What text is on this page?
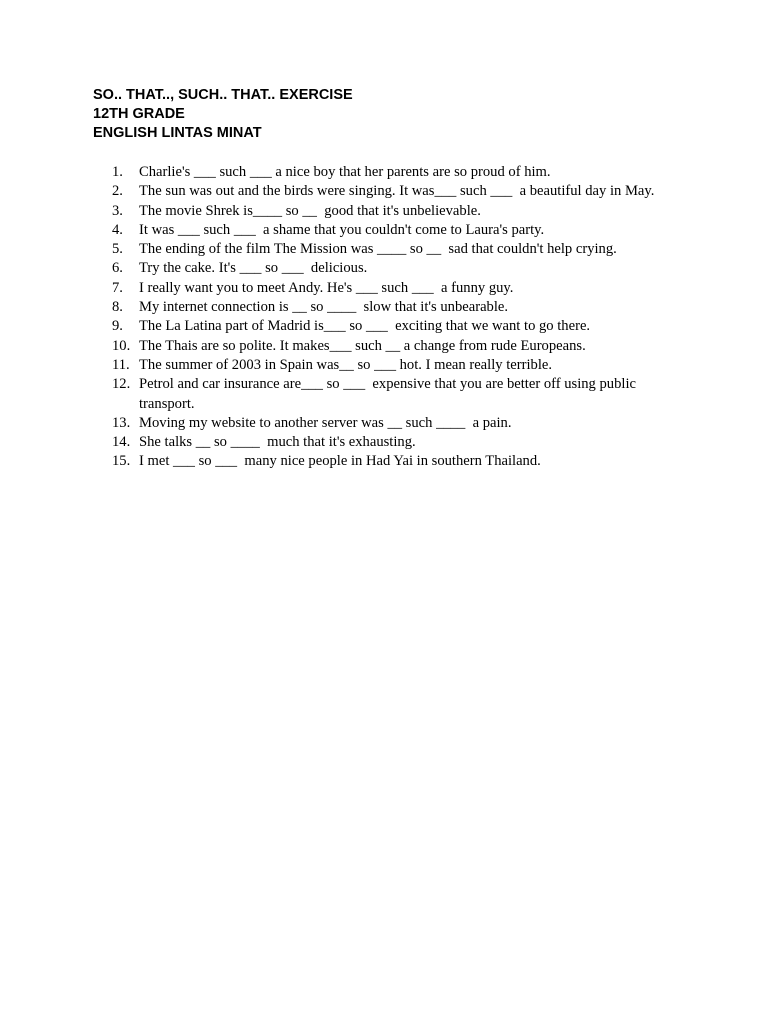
SO.. THAT.., SUCH.. THAT.. EXERCISE
12TH GRADE
ENGLISH LINTAS MINAT
1.	Charlie's ___ such ___ a nice boy that her parents are so proud of him.
2.	The sun was out and the birds were singing. It was___ such ___  a beautiful day in May.
3.	The movie Shrek is____ so __  good that it's unbelievable.
4.	It was ___ such ___  a shame that you couldn't come to Laura's party.
5.	The ending of the film The Mission was ____ so __  sad that couldn't help crying.
6.	Try the cake. It's ___ so ___  delicious.
7.	I really want you to meet Andy. He's ___ such ___  a funny guy.
8.	My internet connection is __ so ____  slow that it's unbearable.
9.	The La Latina part of Madrid is___ so ___  exciting that we want to go there.
10. The Thais are so polite. It makes___ such __ a change from rude Europeans.
11. The summer of 2003 in Spain was__ so ___ hot. I mean really terrible.
12. Petrol and car insurance are___ so ___  expensive that you are better off using public transport.
13. Moving my website to another server was __ such ____  a pain.
14. She talks __ so ____  much that it's exhausting.
15. I met ___ so ___  many nice people in Had Yai in southern Thailand.
